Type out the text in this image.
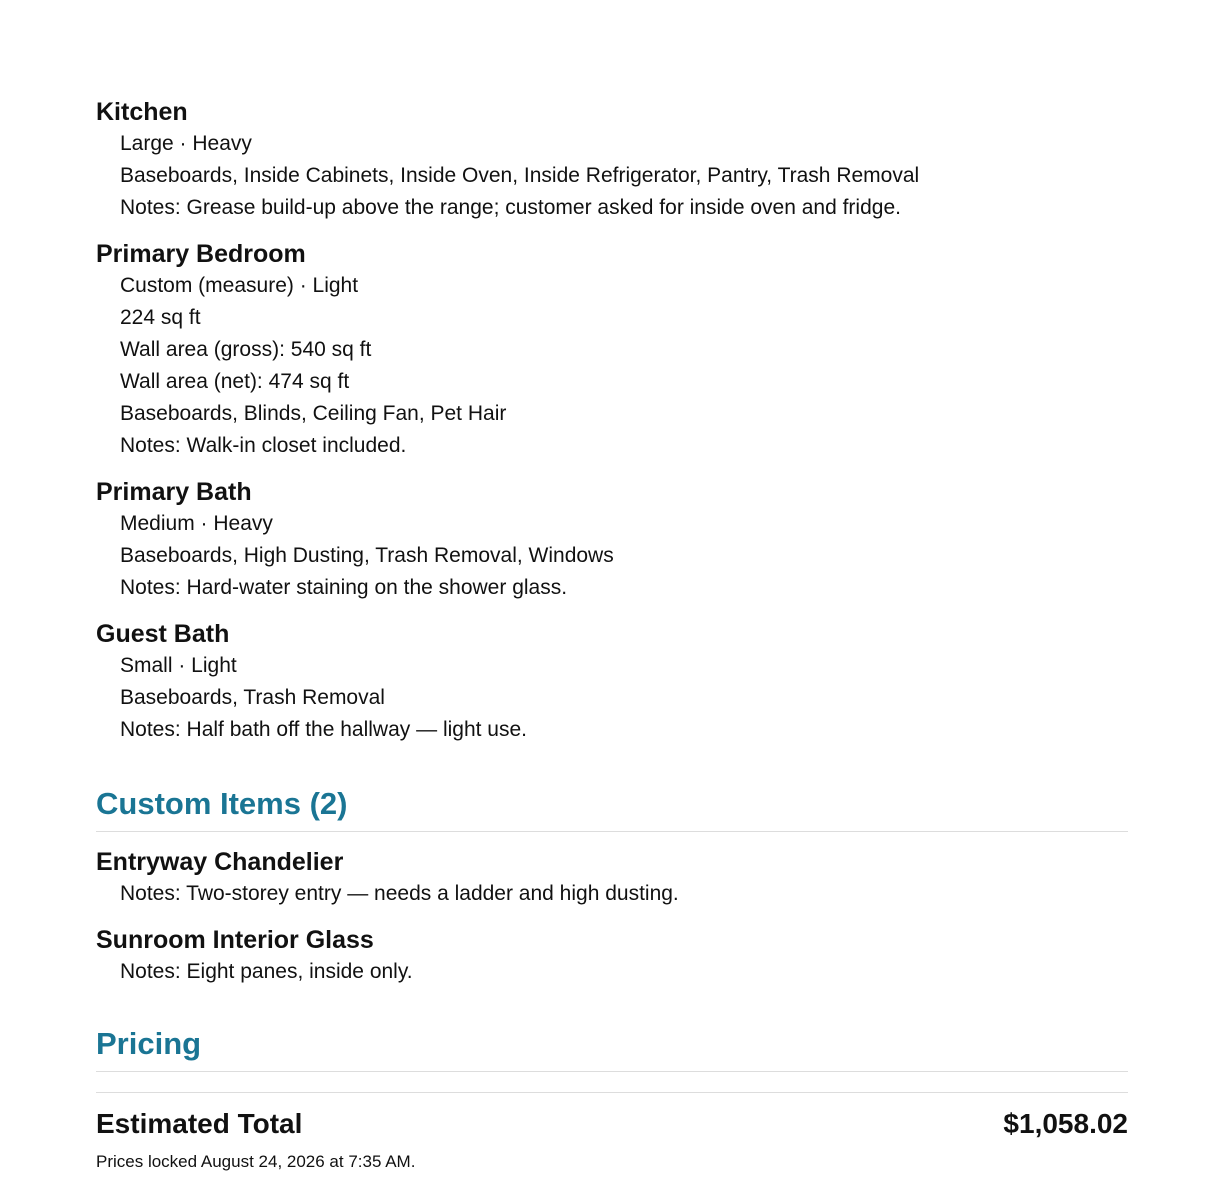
Kitchen
Large · Heavy
Baseboards, Inside Cabinets, Inside Oven, Inside Refrigerator, Pantry, Trash Removal
Notes: Grease build-up above the range; customer asked for inside oven and fridge.
Primary Bedroom
Custom (measure) · Light
224 sq ft
Wall area (gross): 540 sq ft
Wall area (net): 474 sq ft
Baseboards, Blinds, Ceiling Fan, Pet Hair
Notes: Walk-in closet included.
Primary Bath
Medium · Heavy
Baseboards, High Dusting, Trash Removal, Windows
Notes: Hard-water staining on the shower glass.
Guest Bath
Small · Light
Baseboards, Trash Removal
Notes: Half bath off the hallway — light use.
Custom Items (2)
Entryway Chandelier
Notes: Two-storey entry — needs a ladder and high dusting.
Sunroom Interior Glass
Notes: Eight panes, inside only.
Pricing
Estimated Total	$1,058.02
Prices locked August 24, 2026 at 7:35 AM.
